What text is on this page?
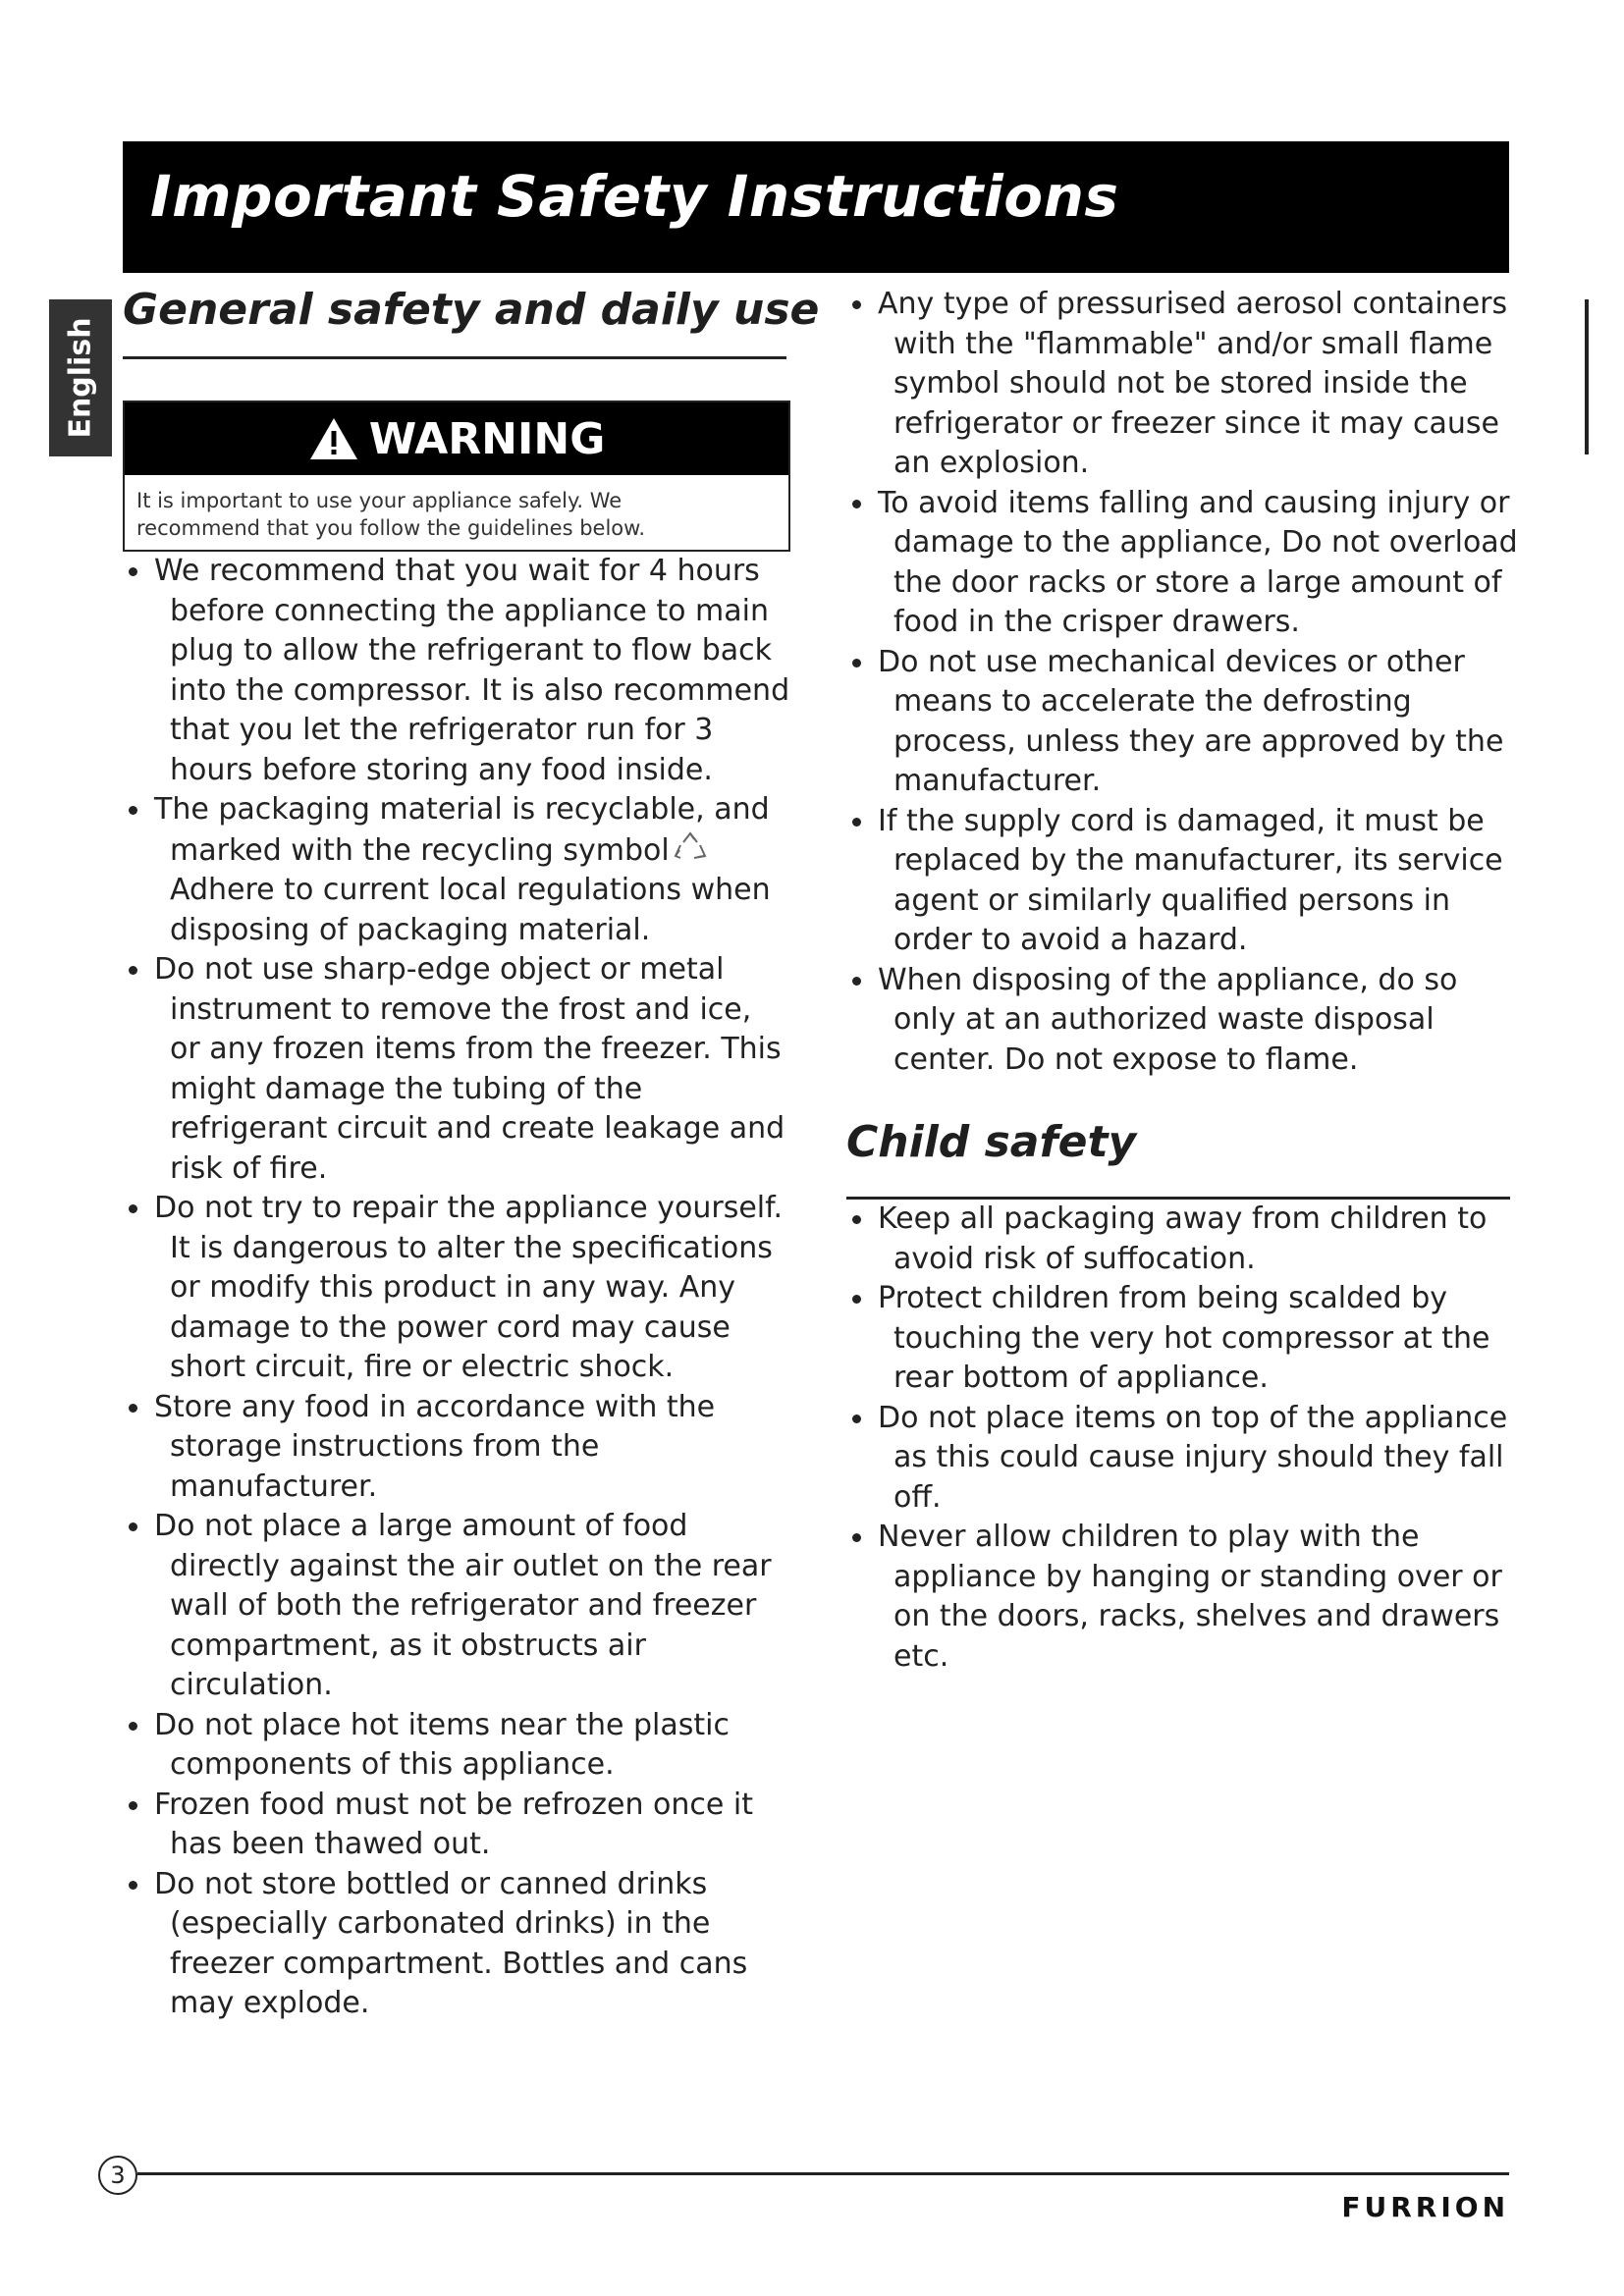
Important Safety Instructions
English
General safety and daily use
WARNING
It is important to use your appliance safely. We
recommend that you follow the guidelines below.
We recommend that you wait for 4 hours before connecting the appliance to main plug to allow the refrigerant to flow back into the compressor. It is also recommend that you let the refrigerator run for 3 hours before storing any food inside.
The packaging material is recyclable, and marked with the recycling symbol
Adhere to current local regulations when disposing of packaging material.
Do not use sharp-edge object or metal instrument to remove the frost and ice, or any frozen items from the freezer. This might damage the tubing of the refrigerant circuit and create leakage and risk of fire.
Do not try to repair the appliance yourself. It is dangerous to alter the specifications or modify this product in any way. Any damage to the power cord may cause short circuit, fire or electric shock.
Store any food in accordance with the storage instructions from the manufacturer.
Do not place a large amount of food directly against the air outlet on the rear wall of both the refrigerator and freezer compartment, as it obstructs air circulation.
Do not place hot items near the plastic components of this appliance.
Frozen food must not be refrozen once it has been thawed out.
Do not store bottled or canned drinks (especially carbonated drinks) in the freezer compartment. Bottles and cans may explode.
Any type of pressurised aerosol containers with the "flammable" and/or small flame symbol should not be stored inside the refrigerator or freezer since it may cause an explosion.
To avoid items falling and causing injury or damage to the appliance, Do not overload the door racks or store a large amount of food in the crisper drawers.
Do not use mechanical devices or other means to accelerate the defrosting process, unless they are approved by the manufacturer.
If the supply cord is damaged, it must be replaced by the manufacturer, its service agent or similarly qualified persons in order to avoid a hazard.
When disposing of the appliance, do so only at an authorized waste disposal center. Do not expose to flame.
Child safety
Keep all packaging away from children to avoid risk of suffocation.
Protect children from being scalded by touching the very hot compressor at the rear bottom of appliance.
Do not place items on top of the appliance as this could cause injury should they fall off.
Never allow children to play with the appliance by hanging or standing over or on the doors, racks, shelves and drawers etc.
3
FURRION
